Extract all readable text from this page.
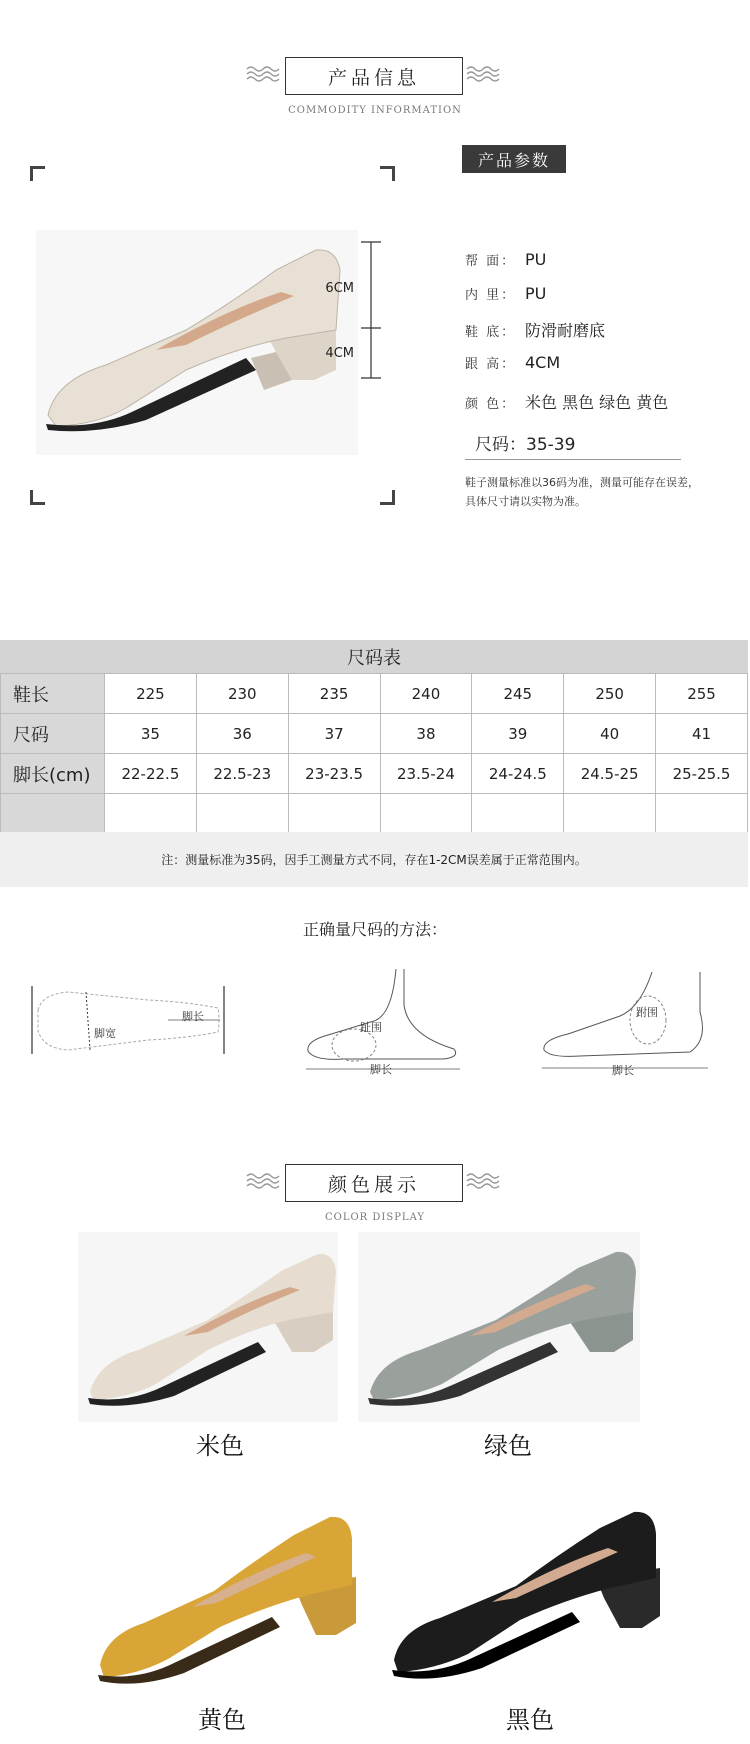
产品信息
COMMODITY INFORMATION
6CM
4CM
产品参数
帮 面： PU
内 里： PU
鞋 底： 防滑耐磨底
跟 高： 4CM
颜 色： 米色 黑色 绿色 黄色
尺码：35-39
鞋子测量标准以36码为准，测量可能存在误差，
具体尺寸请以实物为准。
尺码表
鞋长	225	230	235	240	245	250	255
尺码	35	36	37	38	39	40	41
脚长(cm)	22-22.5	22.5-23	23-23.5	23.5-24	24-24.5	24.5-25	25-25.5

注：测量标准为35码，因手工测量方式不同，存在1-2CM误差属于正常范围内。
正确量尺码的方法：
脚宽
脚长
趾围
脚长
跗围
脚长
颜色展示
COLOR DISPLAY
米色	绿色
黄色	黑色
